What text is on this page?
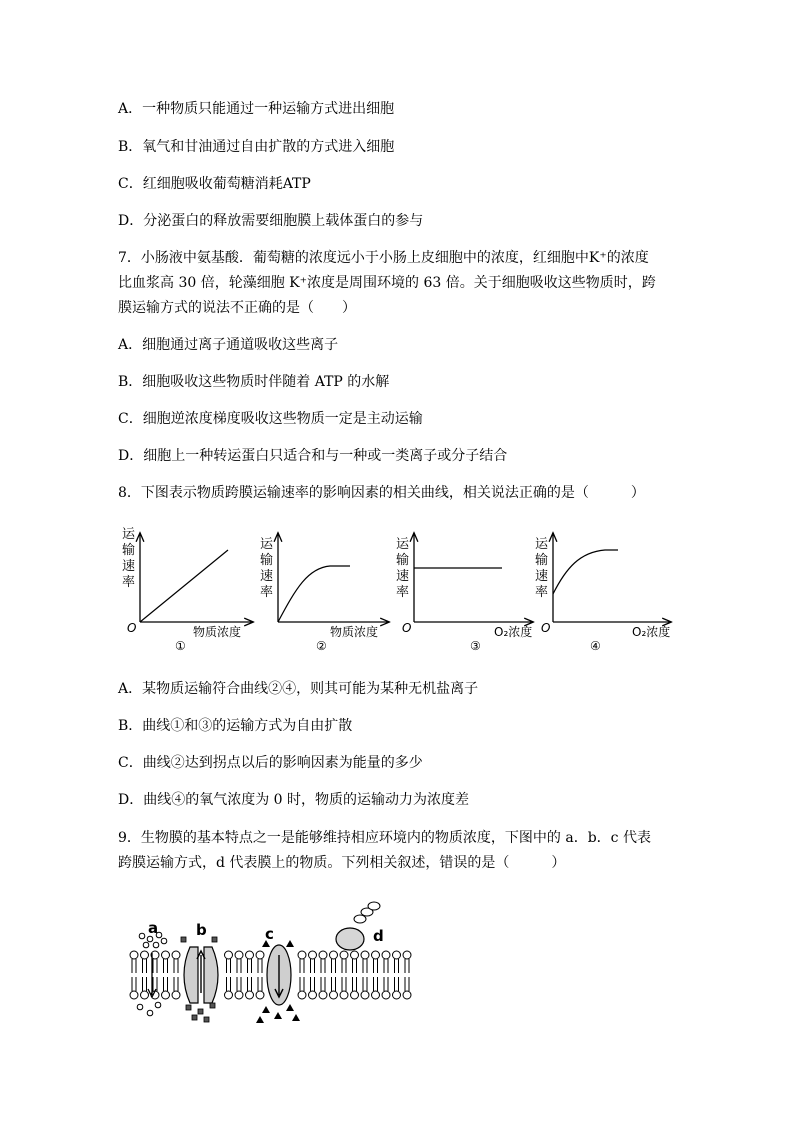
A．一种物质只能通过一种运输方式进出细胞
B．氧气和甘油通过自由扩散的方式进入细胞
C．红细胞吸收葡萄糖消耗ATP
D．分泌蛋白的释放需要细胞膜上载体蛋白的参与
7．小肠液中氨基酸．葡萄糖的浓度远小于小肠上皮细胞中的浓度，红细胞中K⁺的浓度
比血浆高 30 倍，轮藻细胞 K⁺浓度是周围环境的 63 倍。关于细胞吸收这些物质时，跨
膜运输方式的说法不正确的是（　　）
A．细胞通过离子通道吸收这些离子
B．细胞吸收这些物质时伴随着 ATP 的水解
C．细胞逆浓度梯度吸收这些物质一定是主动运输
D．细胞上一种转运蛋白只适合和与一种或一类离子或分子结合
8．下图表示物质跨膜运输速率的影响因素的相关曲线，相关说法正确的是（　　　）
运
输
速
率
O	物质浓度
①
运
输
速
率
物质浓度
②
运
输
速
率
O	O₂浓度
③
运
输
速
率
O	O₂浓度
④
A．某物质运输符合曲线②④，则其可能为某种无机盐离子
B．曲线①和③的运输方式为自由扩散
C．曲线②达到拐点以后的影响因素为能量的多少
D．曲线④的氧气浓度为 0 时，物质的运输动力为浓度差
9．生物膜的基本特点之一是能够维持相应环境内的物质浓度，下图中的 a．b．c 代表
跨膜运输方式，d 代表膜上的物质。下列相关叙述，错误的是（　　　）
a	b	c	d
